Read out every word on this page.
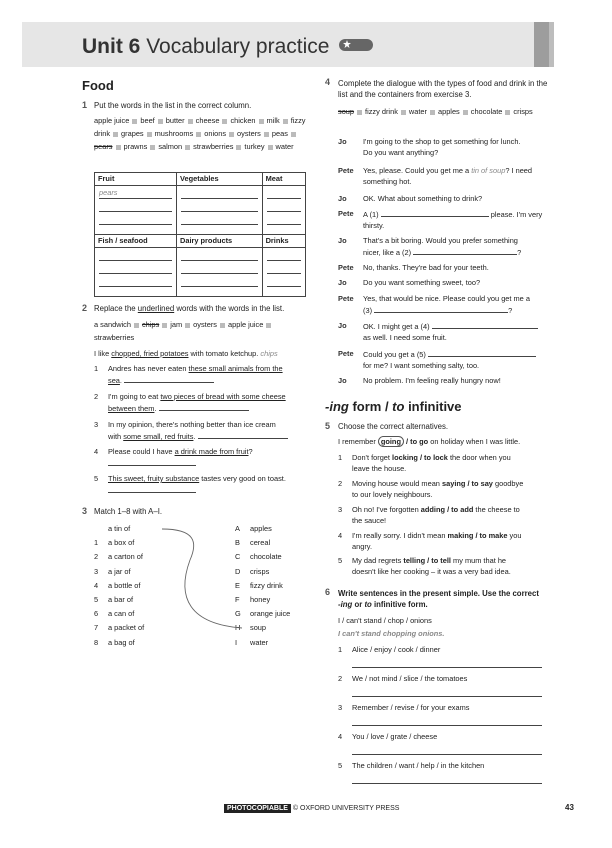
Unit 6 Vocabulary practice
Food
1 Put the words in the list in the correct column.
apple juice beef butter cheese chicken milk fizzy drink grapes mushrooms onions oysters peaspears prawns salmon strawberries turkey water
Fruit	Vegetables	Meat

pears		

Fish / seafood	Dairy products	Drinks

2 Replace the underlined words with the words in the list.
a sandwich chips jam oysters apple juicestrawberries
I like chopped, fried potatoes with tomato ketchup. chips
1 Andres has never eaten these small animals from the
sea.
2 I'm going to eat two pieces of bread with some cheese
between them.
3 In my opinion, there's nothing better than ice cream
with some small, red fruits.
4 Please could I have a drink made from fruit?
5 This sweet, fruity substance tastes very good on toast.
3 Match 1–8 with A–I.
a tin of
1 a box of
2 a carton of
3 a jar of
4 a bottle of
5 a bar of
6 a can of
7 a packet of
8 a bag of
A apples
B cereal
C chocolate
D crisps
E fizzy drink
F honey
G orange juice
H soup
I water
4 Complete the dialogue with the types of food and drink in the list and the containers from exercise 3.
soup fizzy drink water apples chocolate crisps
Jo I'm going to the shop to get something for lunch.
Do you want anything?
Pete Yes, please. Could you get me a tin of soup? I need
something hot.
Jo OK. What about something to drink?
Pete A (1)	please. I'm very
thirsty.
Jo That's a bit boring. Would you prefer something
nicer, like a (2)	?
Pete No, thanks. They're bad for your teeth.
Jo Do you want something sweet, too?
Pete Yes, that would be nice. Please could you get me a
(3)	?
Jo OK. I might get a (4)
as well. I need some fruit.
Pete Could you get a (5)
for me? I want something salty, too.
Jo No problem. I'm feeling really hungry now!
-ing form / to infinitive
5 Choose the correct alternatives.
I remember going / to go on holiday when I was little.
1 Don't forget locking / to lock the door when you
leave the house.
2 Moving house would mean saying / to say goodbye
to our lovely neighbours.
3 Oh no! I've forgotten adding / to add the cheese to
the sauce!
4 I'm really sorry. I didn't mean making / to make you
angry.
5 My dad regrets telling / to tell my mum that he
doesn't like her cooking – it was a very bad idea.
6 Write sentences in the present simple. Use the correct
-ing or to infinitive form.
I / can't stand / chop / onions
I can't stand chopping onions.
1 Alice / enjoy / cook / dinner
2 We / not mind / slice / the tomatoes
3 Remember / revise / for your exams
4 You / love / grate / cheese
5 The children / want / help / in the kitchen
PHOTOCOPIABLE © OXFORD UNIVERSITY PRESS	43
